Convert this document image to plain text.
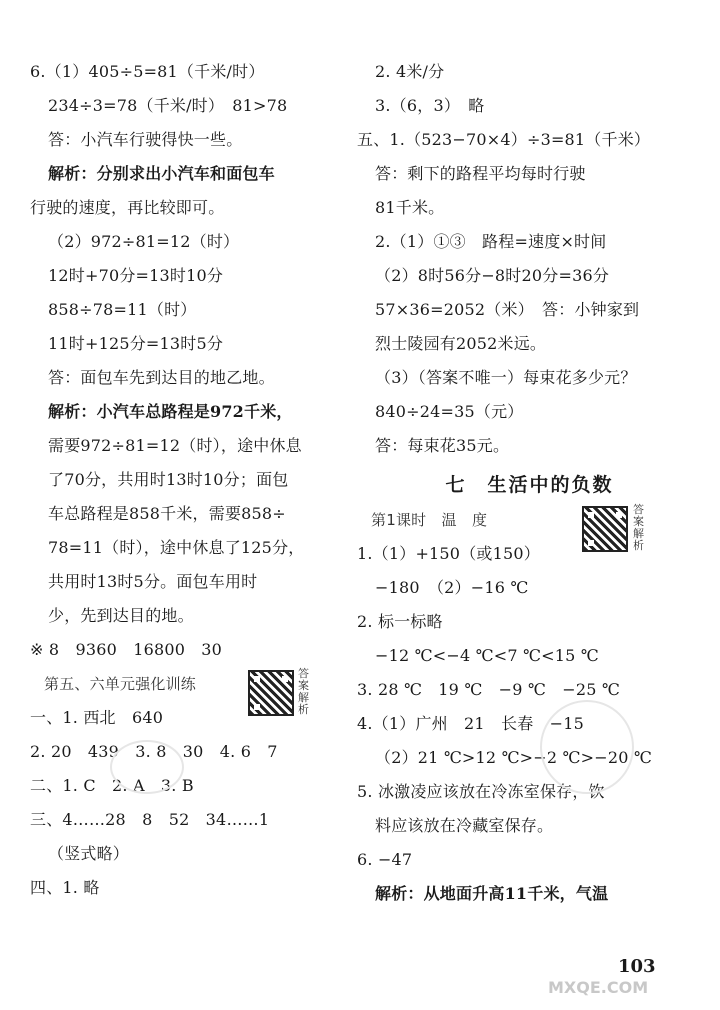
6.（1）405÷5=81（千米/时）
234÷3=78（千米/时）　81>78
答：小汽车行驶得快一些。
解析：分别求出小汽车和面包车
行驶的速度，再比较即可。
（2）972÷81=12（时）
12时+70分=13时10分
858÷78=11（时）
11时+125分=13时5分
答：面包车先到达目的地乙地。
解析：小汽车总路程是972千米，
需要972÷81=12（时），途中休息
了70分，共用时13时10分；面包
车总路程是858千米，需要858÷
78=11（时），途中休息了125分，
共用时13时5分。面包车用时
少，先到达目的地。
※ 8　9360　16800　30
第五、六单元强化训练
答案解析
一、1. 西北　640
2. 20　439　3. 8　30　4. 6　7
二、1. C　2. A　3. B
三、4……28　8　52　34……1
（竖式略）
四、1. 略
2. 4米/分
3.（6，3）　略
五、1.（523−70×4）÷3=81（千米）
答：剩下的路程平均每时行驶
81千米。
2.（1）①③　路程=速度×时间
（2）8时56分−8时20分=36分
57×36=2052（米）　答：小钟家到
烈士陵园有2052米远。
（3）（答案不唯一）每束花多少元？
840÷24=35（元）
答：每束花35元。
七　生活中的负数
第1课时　温　度
答案解析
1.（1）+150（或150）
−180　（2）−16 ℃
2. 标一标略
−12 ℃<−4 ℃<7 ℃<15 ℃
3. 28 ℃　19 ℃　−9 ℃　−25 ℃
4.（1）广州　21　长春　−15
（2）21 ℃>12 ℃>−2 ℃>−20 ℃
5. 冰激凌应该放在冷冻室保存，饮
料应该放在冷藏室保存。
6. −47
解析：从地面升高11千米，气温
103
MXQE.COM
